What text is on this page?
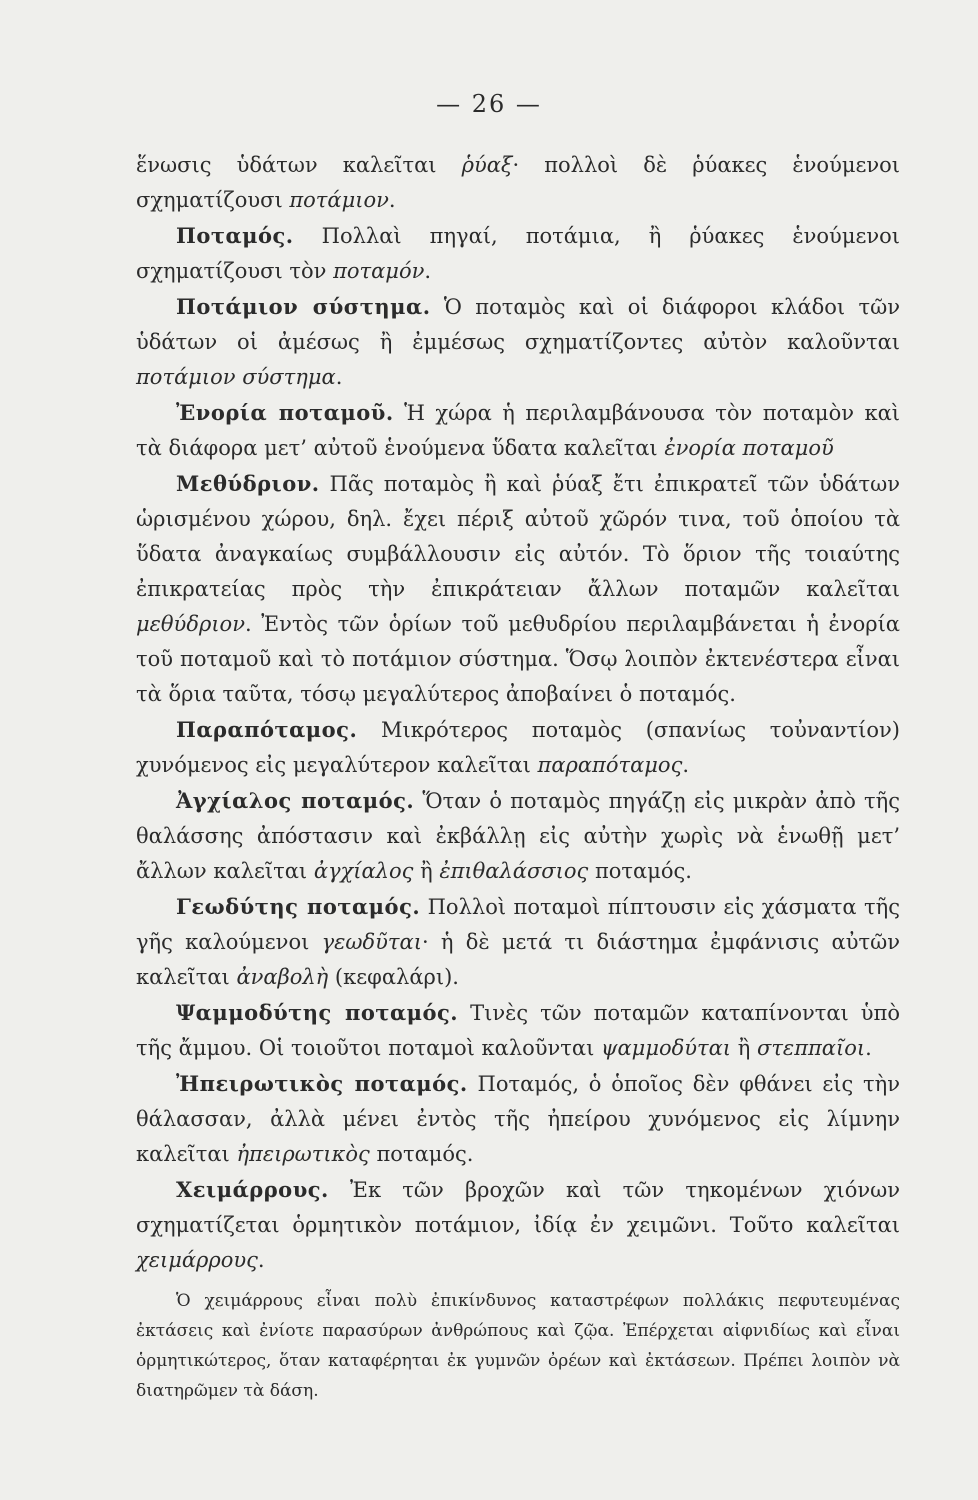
— 26 —

ἕνωσις ὑδάτων καλεῖται ῥύαξ· πολλοὶ δὲ ῥύακες ἑνούμενοι σχηματίζουσι ποτάμιον.

Ποταμός. Πολλαὶ πηγαί, ποτάμια, ἢ ῥύακες ἑνούμενοι σχηματίζουσι τὸν ποταμόν.

Ποτάμιον σύστημα. Ὁ ποταμὸς καὶ οἱ διάφοροι κλάδοι τῶν ὑδάτων οἱ ἀμέσως ἢ ἐμμέσως σχηματίζοντες αὐτὸν καλοῦνται ποτάμιον σύστημα.

Ἐνορία ποταμοῦ. Ἡ χώρα ἡ περιλαμβάνουσα τὸν ποταμὸν καὶ τὰ διάφορα μετ’ αὐτοῦ ἑνούμενα ὕδατα καλεῖται ἐνορία ποταμοῦ

Μεθύδριον. Πᾶς ποταμὸς ἢ καὶ ῥύαξ ἔτι ἐπικρατεῖ τῶν ὑδάτων ὡρισμένου χώρου, δηλ. ἔχει πέριξ αὐτοῦ χῶρόν τινα, τοῦ ὁποίου τὰ ὕδατα ἀναγκαίως συμβάλλουσιν εἰς αὐτόν. Τὸ ὅριον τῆς τοιαύτης ἐπικρατείας πρὸς τὴν ἐπικράτειαν ἄλλων ποταμῶν καλεῖται μεθύδριον. Ἐντὸς τῶν ὁρίων τοῦ μεθυδρίου περιλαμβάνεται ἡ ἐνορία τοῦ ποταμοῦ καὶ τὸ ποτάμιον σύστημα. Ὅσῳ λοιπὸν ἐκτενέστερα εἶναι τὰ ὅρια ταῦτα, τόσῳ μεγαλύτερος ἀποβαίνει ὁ ποταμός.

Παραπόταμος. Μικρότερος ποταμὸς (σπανίως τοὐναντίον) χυνόμενος εἰς μεγαλύτερον καλεῖται παραπόταμος.

Ἀγχίαλος ποταμός. Ὅταν ὁ ποταμὸς πηγάζῃ εἰς μικρὰν ἀπὸ τῆς θαλάσσης ἀπόστασιν καὶ ἐκβάλλῃ εἰς αὐτὴν χωρὶς νὰ ἑνωθῇ μετ’ ἄλλων καλεῖται ἀγχίαλος ἢ ἐπιθαλάσσιος ποταμός.

Γεωδύτης ποταμός. Πολλοὶ ποταμοὶ πίπτουσιν εἰς χάσματα τῆς γῆς καλούμενοι γεωδῦται· ἡ δὲ μετά τι διάστημα ἐμφάνισις αὐτῶν καλεῖται ἀναβολὴ (κεφαλάρι).

Ψαμμοδύτης ποταμός. Τινὲς τῶν ποταμῶν καταπίνονται ὑπὸ τῆς ἄμμου. Οἱ τοιοῦτοι ποταμοὶ καλοῦνται ψαμμοδύται ἢ στεππαῖοι.

Ἠπειρωτικὸς ποταμός. Ποταμός, ὁ ὁποῖος δὲν φθάνει εἰς τὴν θάλασσαν, ἀλλὰ μένει ἐντὸς τῆς ἠπείρου χυνόμενος εἰς λίμνην καλεῖται ἠπειρωτικὸς ποταμός.

Χειμάρρους. Ἐκ τῶν βροχῶν καὶ τῶν τηκομένων χιόνων σχηματίζεται ὁρμητικὸν ποτάμιον, ἰδίᾳ ἐν χειμῶνι. Τοῦτο καλεῖται χειμάρρους.

Ὁ χειμάρρους εἶναι πολὺ ἐπικίνδυνος καταστρέφων πολλάκις πεφυτευμένας ἐκτάσεις καὶ ἐνίοτε παρασύρων ἀνθρώπους καὶ ζῷα. Ἐπέρχεται αἰφνιδίως καὶ εἶναι ὁρμητικώτερος, ὅταν καταφέρηται ἐκ γυμνῶν ὀρέων καὶ ἐκτάσεων. Πρέπει λοιπὸν νὰ διατηρῶμεν τὰ δάση.
